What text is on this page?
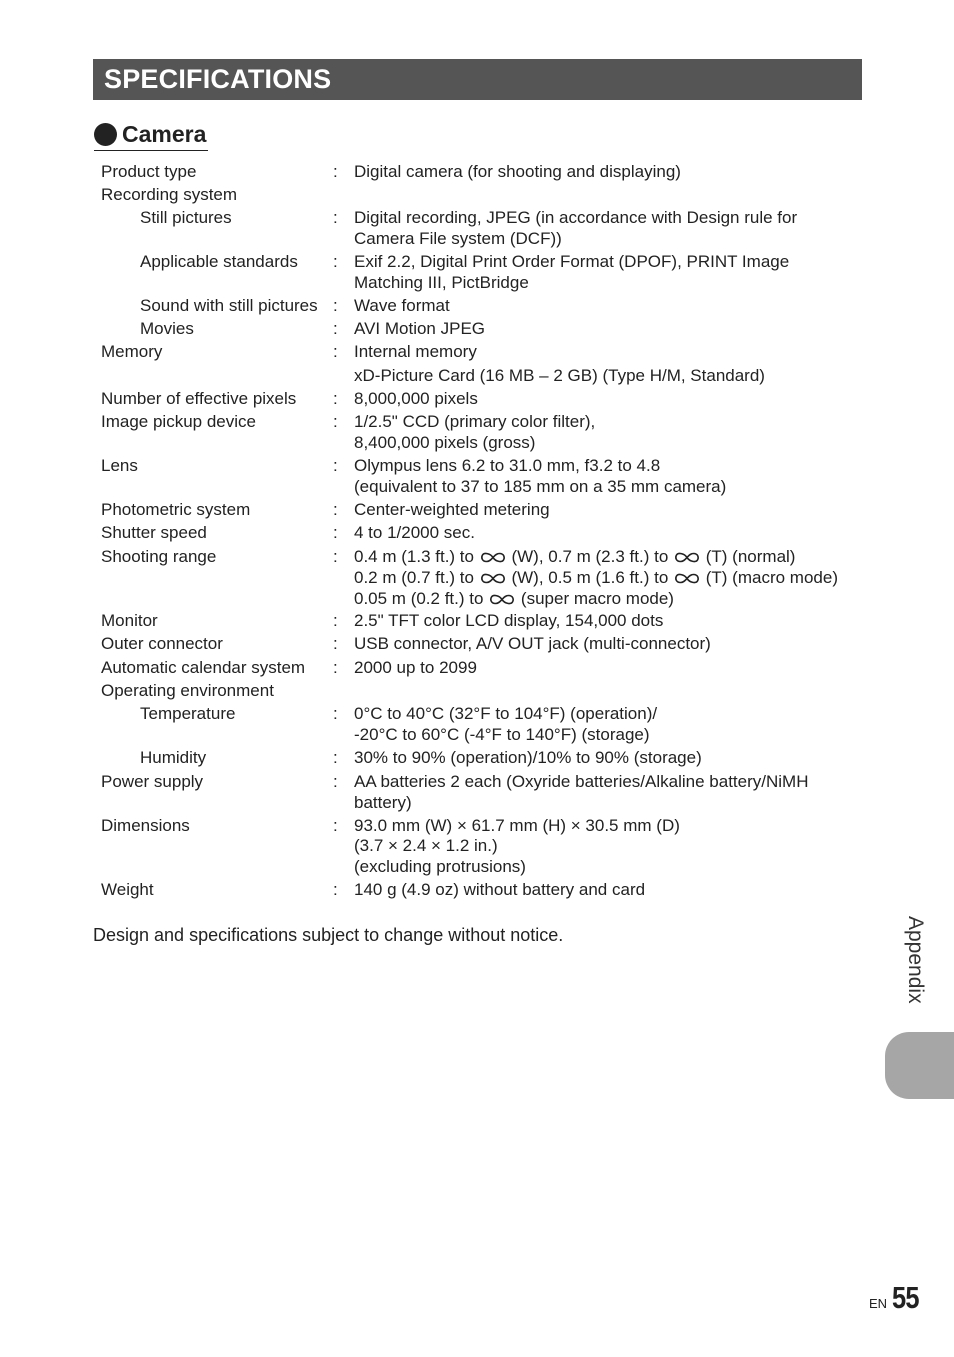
SPECIFICATIONS
Camera
Product type	: Digital camera (for shooting and displaying)
Recording system
Still pictures	: Digital recording, JPEG (in accordance with Design rule for
Camera File system (DCF))
Applicable standards : Exif 2.2, Digital Print Order Format (DPOF), PRINT Image
Matching III, PictBridge
Sound with still pictures : Wave format
Movies	: AVI Motion JPEG
Memory	: Internal memory
xD-Picture Card (16 MB – 2 GB) (Type H/M, Standard)
Number of effective pixels : 8,000,000 pixels
Image pickup device	: 1/2.5" CCD (primary color filter),
8,400,000 pixels (gross)
Lens	: Olympus lens 6.2 to 31.0 mm, f3.2 to 4.8
(equivalent to 37 to 185 mm on a 35 mm camera)
Photometric system	: Center-weighted metering
Shutter speed	: 4 to 1/2000 sec.
Shooting range	: 0.4 m (1.3 ft.) to (W), 0.7 m (2.3 ft.) to (T) (normal)
0.2 m (0.7 ft.) to (W), 0.5 m (1.6 ft.) to (T) (macro mode)
0.05 m (0.2 ft.) to (super macro mode)
Monitor	: 2.5" TFT color LCD display, 154,000 dots
Outer connector	: USB connector, A/V OUT jack (multi-connector)
Automatic calendar system : 2000 up to 2099
Operating environment
Temperature	: 0°C to 40°C (32°F to 104°F) (operation)/
-20°C to 60°C (-4°F to 140°F) (storage)
Humidity	: 30% to 90% (operation)/10% to 90% (storage)
Power supply	: AA batteries 2 each (Oxyride batteries/Alkaline battery/NiMH
battery)
Dimensions	: 93.0 mm (W) × 61.7 mm (H) × 30.5 mm (D)
(3.7 × 2.4 × 1.2 in.)
(excluding protrusions)
Weight	: 140 g (4.9 oz) without battery and card
Design and specifications subject to change without notice.	Appendix
EN 55
